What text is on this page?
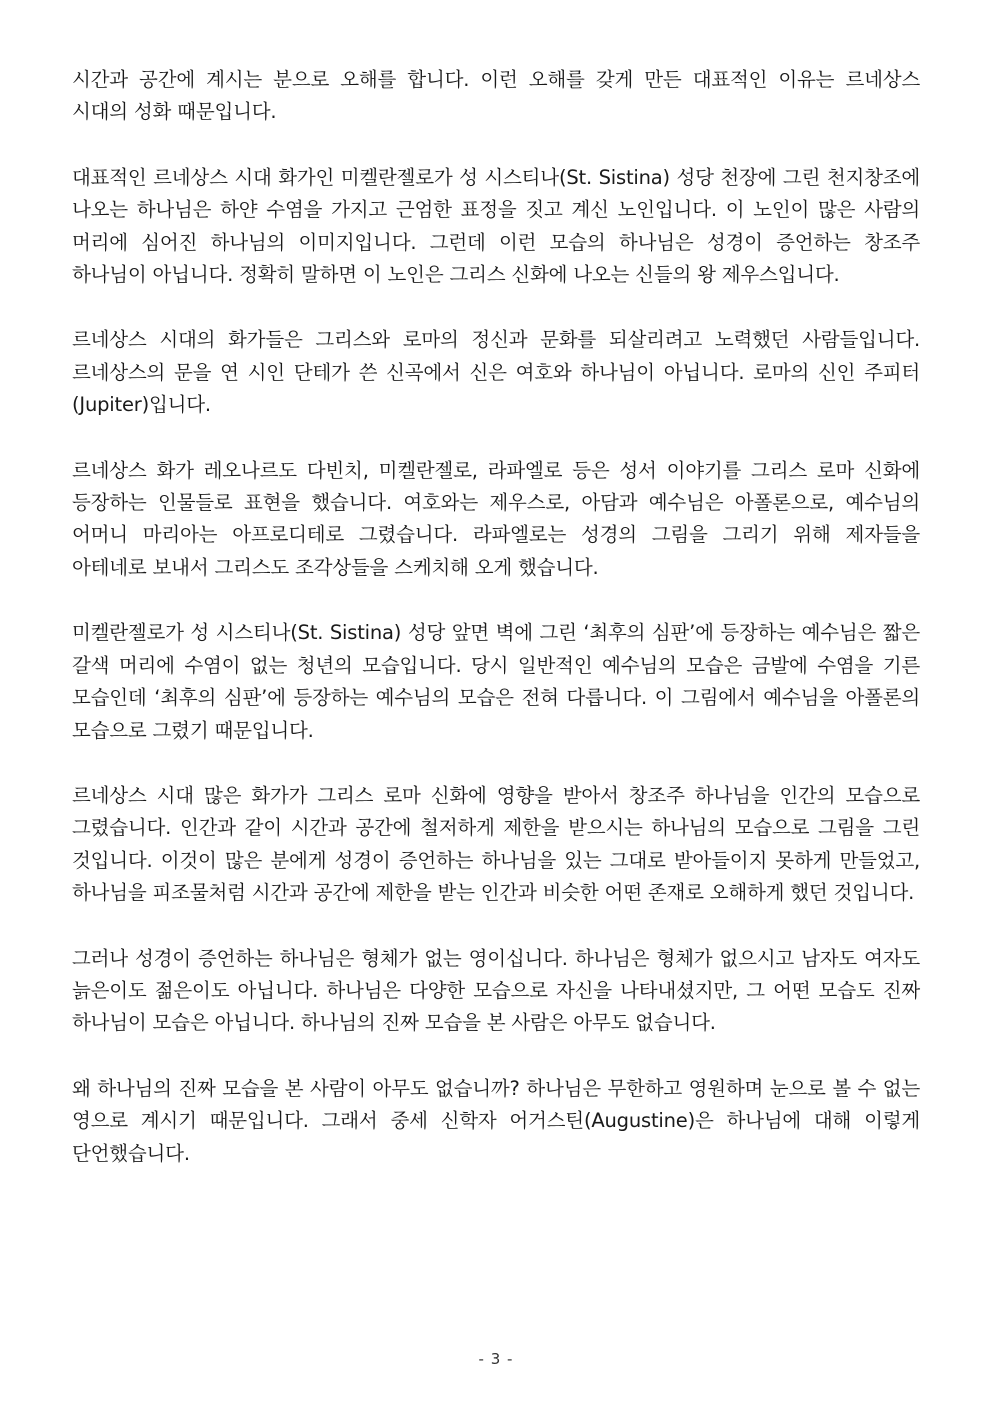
시간과 공간에 계시는 분으로 오해를 합니다. 이런 오해를 갖게 만든 대표적인 이유는 르네상스 시대의 성화 때문입니다.

대표적인 르네상스 시대 화가인 미켈란젤로가 성 시스티나(St. Sistina) 성당 천장에 그린 천지창조에 나오는 하나님은 하얀 수염을 가지고 근엄한 표정을 짓고 계신 노인입니다. 이 노인이 많은 사람의 머리에 심어진 하나님의 이미지입니다. 그런데 이런 모습의 하나님은 성경이 증언하는 창조주 하나님이 아닙니다. 정확히 말하면 이 노인은 그리스 신화에 나오는 신들의 왕 제우스입니다.

르네상스 시대의 화가들은 그리스와 로마의 정신과 문화를 되살리려고 노력했던 사람들입니다. 르네상스의 문을 연 시인 단테가 쓴 신곡에서 신은 여호와 하나님이 아닙니다. 로마의 신인 주피터(Jupiter)입니다.

르네상스 화가 레오나르도 다빈치, 미켈란젤로, 라파엘로 등은 성서 이야기를 그리스 로마 신화에 등장하는 인물들로 표현을 했습니다. 여호와는 제우스로, 아담과 예수님은 아폴론으로, 예수님의 어머니 마리아는 아프로디테로 그렸습니다. 라파엘로는 성경의 그림을 그리기 위해 제자들을 아테네로 보내서 그리스도 조각상들을 스케치해 오게 했습니다.

미켈란젤로가 성 시스티나(St. Sistina) 성당 앞면 벽에 그린 ‘최후의 심판’에 등장하는 예수님은 짧은 갈색 머리에 수염이 없는 청년의 모습입니다. 당시 일반적인 예수님의 모습은 금발에 수염을 기른 모습인데 ‘최후의 심판’에 등장하는 예수님의 모습은 전혀 다릅니다. 이 그림에서 예수님을 아폴론의 모습으로 그렸기 때문입니다.

르네상스 시대 많은 화가가 그리스 로마 신화에 영향을 받아서 창조주 하나님을 인간의 모습으로 그렸습니다. 인간과 같이 시간과 공간에 철저하게 제한을 받으시는 하나님의 모습으로 그림을 그린 것입니다. 이것이 많은 분에게 성경이 증언하는 하나님을 있는 그대로 받아들이지 못하게 만들었고, 하나님을 피조물처럼 시간과 공간에 제한을 받는 인간과 비슷한 어떤 존재로 오해하게 했던 것입니다.

그러나 성경이 증언하는 하나님은 형체가 없는 영이십니다. 하나님은 형체가 없으시고 남자도 여자도 늙은이도 젊은이도 아닙니다. 하나님은 다양한 모습으로 자신을 나타내셨지만, 그 어떤 모습도 진짜 하나님이 모습은 아닙니다. 하나님의 진짜 모습을 본 사람은 아무도 없습니다.

왜 하나님의 진짜 모습을 본 사람이 아무도 없습니까? 하나님은 무한하고 영원하며 눈으로 볼 수 없는 영으로 계시기 때문입니다. 그래서 중세 신학자 어거스틴(Augustine)은 하나님에 대해 이렇게 단언했습니다.

- 3 -
